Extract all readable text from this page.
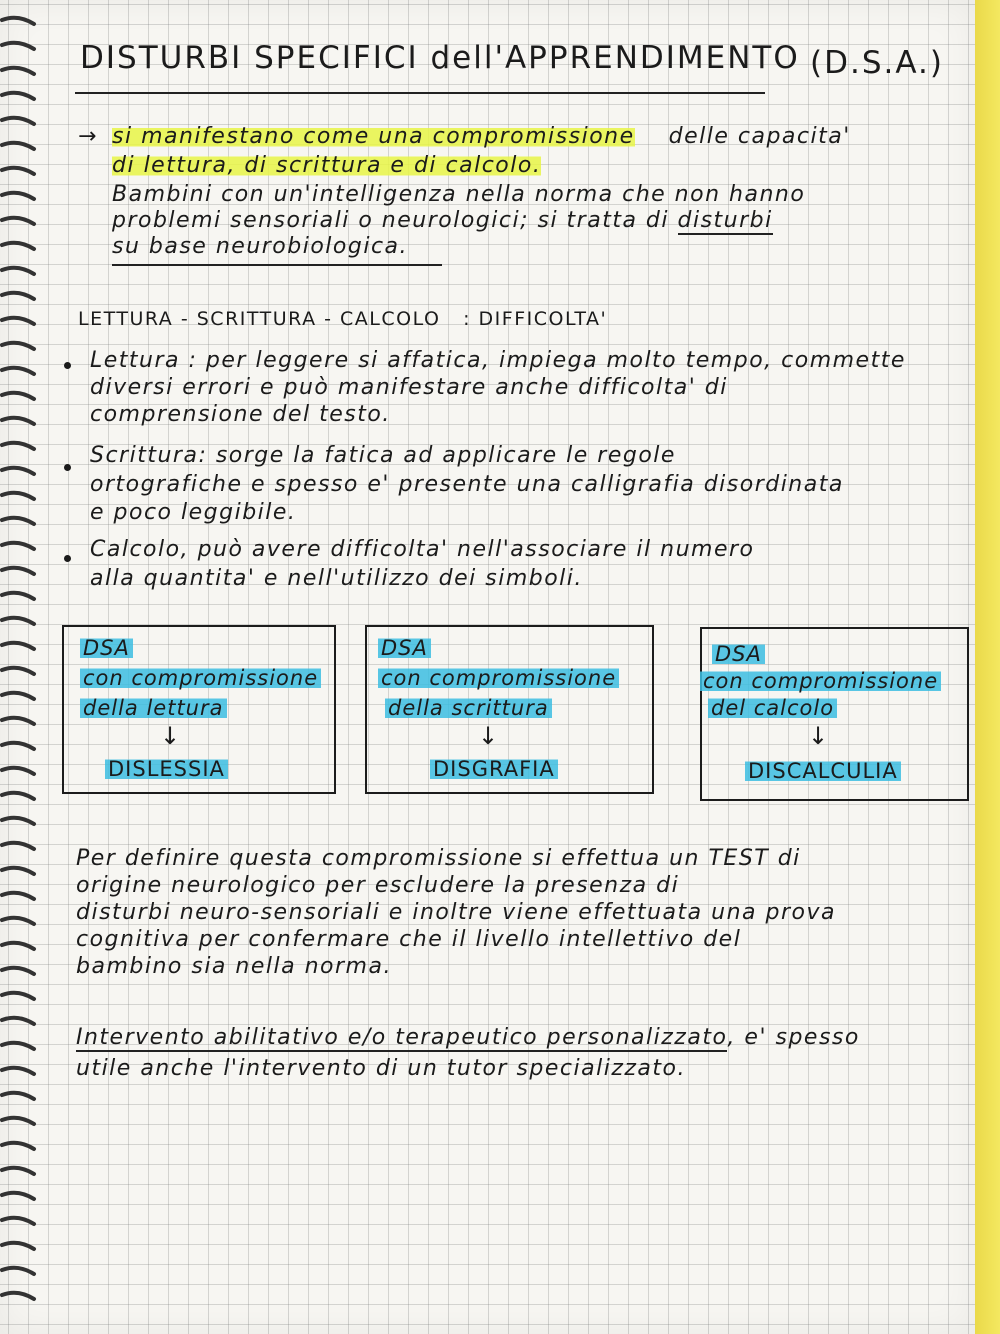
DISTURBI SPECIFICI dell'APPRENDIMENTO (D.S.A.)
→ si manifestano come una compromissione delle capacita'
di lettura, di scrittura e di calcolo.
Bambini con un'intelligenza nella norma che non hanno
problemi sensoriali o neurologici; si tratta di disturbi
su base neurobiologica.
LETTURA - SCRITTURA - CALCOLO : DIFFICOLTA'
Lettura : per leggere si affatica, impiega molto tempo, commette
diversi errori e può manifestare anche difficolta' di
comprensione del testo.
Scrittura: sorge la fatica ad applicare le regole
ortografiche e spesso e' presente una calligrafia disordinata
e poco leggibile.
Calcolo, può avere difficolta' nell'associare il numero
alla quantita' e nell'utilizzo dei simboli.
DSA
con compromissione
della lettura
↓
DISLESSIA
DSA
con compromissione
della scrittura
↓
DISGRAFIA
DSA
con compromissione
del calcolo
↓
DISCALCULIA
Per definire questa compromissione si effettua un TEST di
origine neurologico per escludere la presenza di
disturbi neuro-sensoriali e inoltre viene effettuata una prova
cognitiva per confermare che il livello intellettivo del
bambino sia nella norma.
Intervento abilitativo e/o terapeutico personalizzato, e' spesso
utile anche l'intervento di un tutor specializzato.
